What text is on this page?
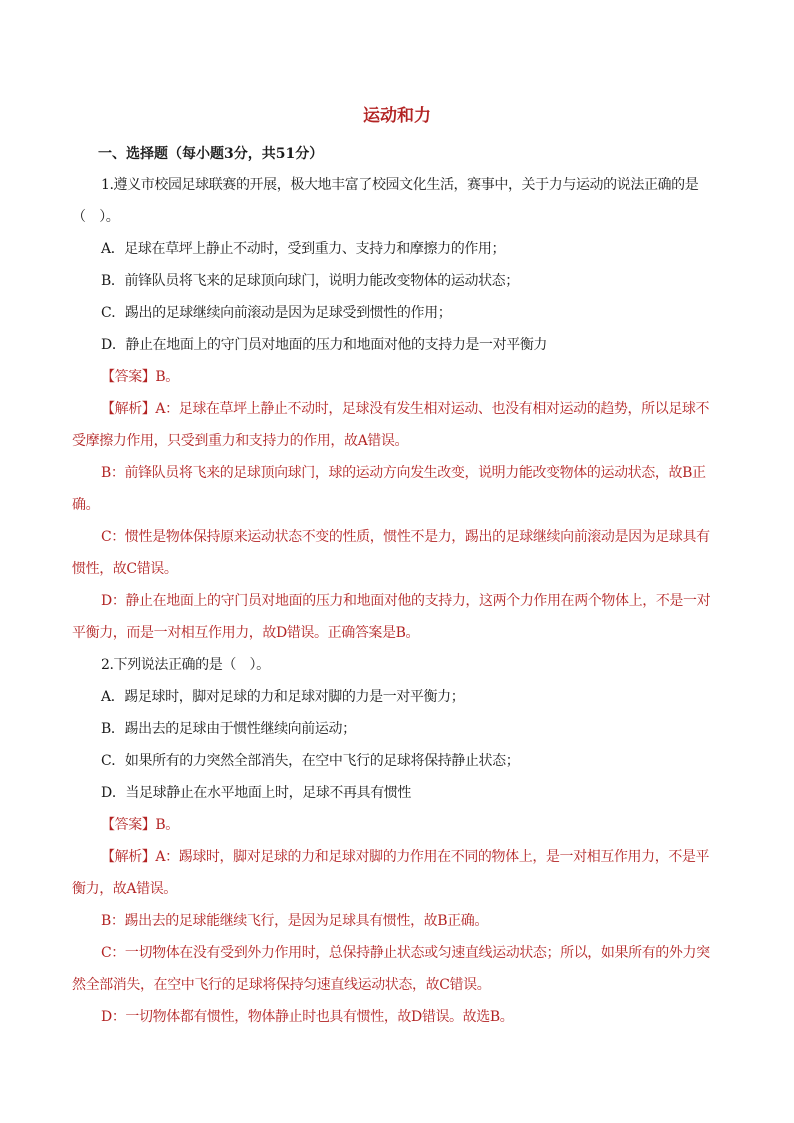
运动和力
一、选择题（每小题3分，共51分）
1.遵义市校园足球联赛的开展，极大地丰富了校园文化生活，赛事中，关于力与运动的说法正确的是
（　）。
A．足球在草坪上静止不动时，受到重力、支持力和摩擦力的作用；
B．前锋队员将飞来的足球顶向球门，说明力能改变物体的运动状态；
C．踢出的足球继续向前滚动是因为足球受到惯性的作用；
D．静止在地面上的守门员对地面的压力和地面对他的支持力是一对平衡力
【答案】B。
【解析】A：足球在草坪上静止不动时，足球没有发生相对运动、也没有相对运动的趋势，所以足球不
受摩擦力作用，只受到重力和支持力的作用，故A错误。
B：前锋队员将飞来的足球顶向球门，球的运动方向发生改变，说明力能改变物体的运动状态，故B正
确。
C：惯性是物体保持原来运动状态不变的性质，惯性不是力，踢出的足球继续向前滚动是因为足球具有
惯性，故C错误。
D：静止在地面上的守门员对地面的压力和地面对他的支持力，这两个力作用在两个物体上，不是一对
平衡力，而是一对相互作用力，故D错误。正确答案是B。
2.下列说法正确的是（　）。
A．踢足球时，脚对足球的力和足球对脚的力是一对平衡力；
B．踢出去的足球由于惯性继续向前运动；
C．如果所有的力突然全部消失，在空中飞行的足球将保持静止状态；
D．当足球静止在水平地面上时，足球不再具有惯性
【答案】B。
【解析】A：踢球时，脚对足球的力和足球对脚的力作用在不同的物体上，是一对相互作用力，不是平
衡力，故A错误。
B：踢出去的足球能继续飞行，是因为足球具有惯性，故B正确。
C：一切物体在没有受到外力作用时，总保持静止状态或匀速直线运动状态；所以，如果所有的外力突
然全部消失，在空中飞行的足球将保持匀速直线运动状态，故C错误。
D：一切物体都有惯性，物体静止时也具有惯性，故D错误。故选B。
